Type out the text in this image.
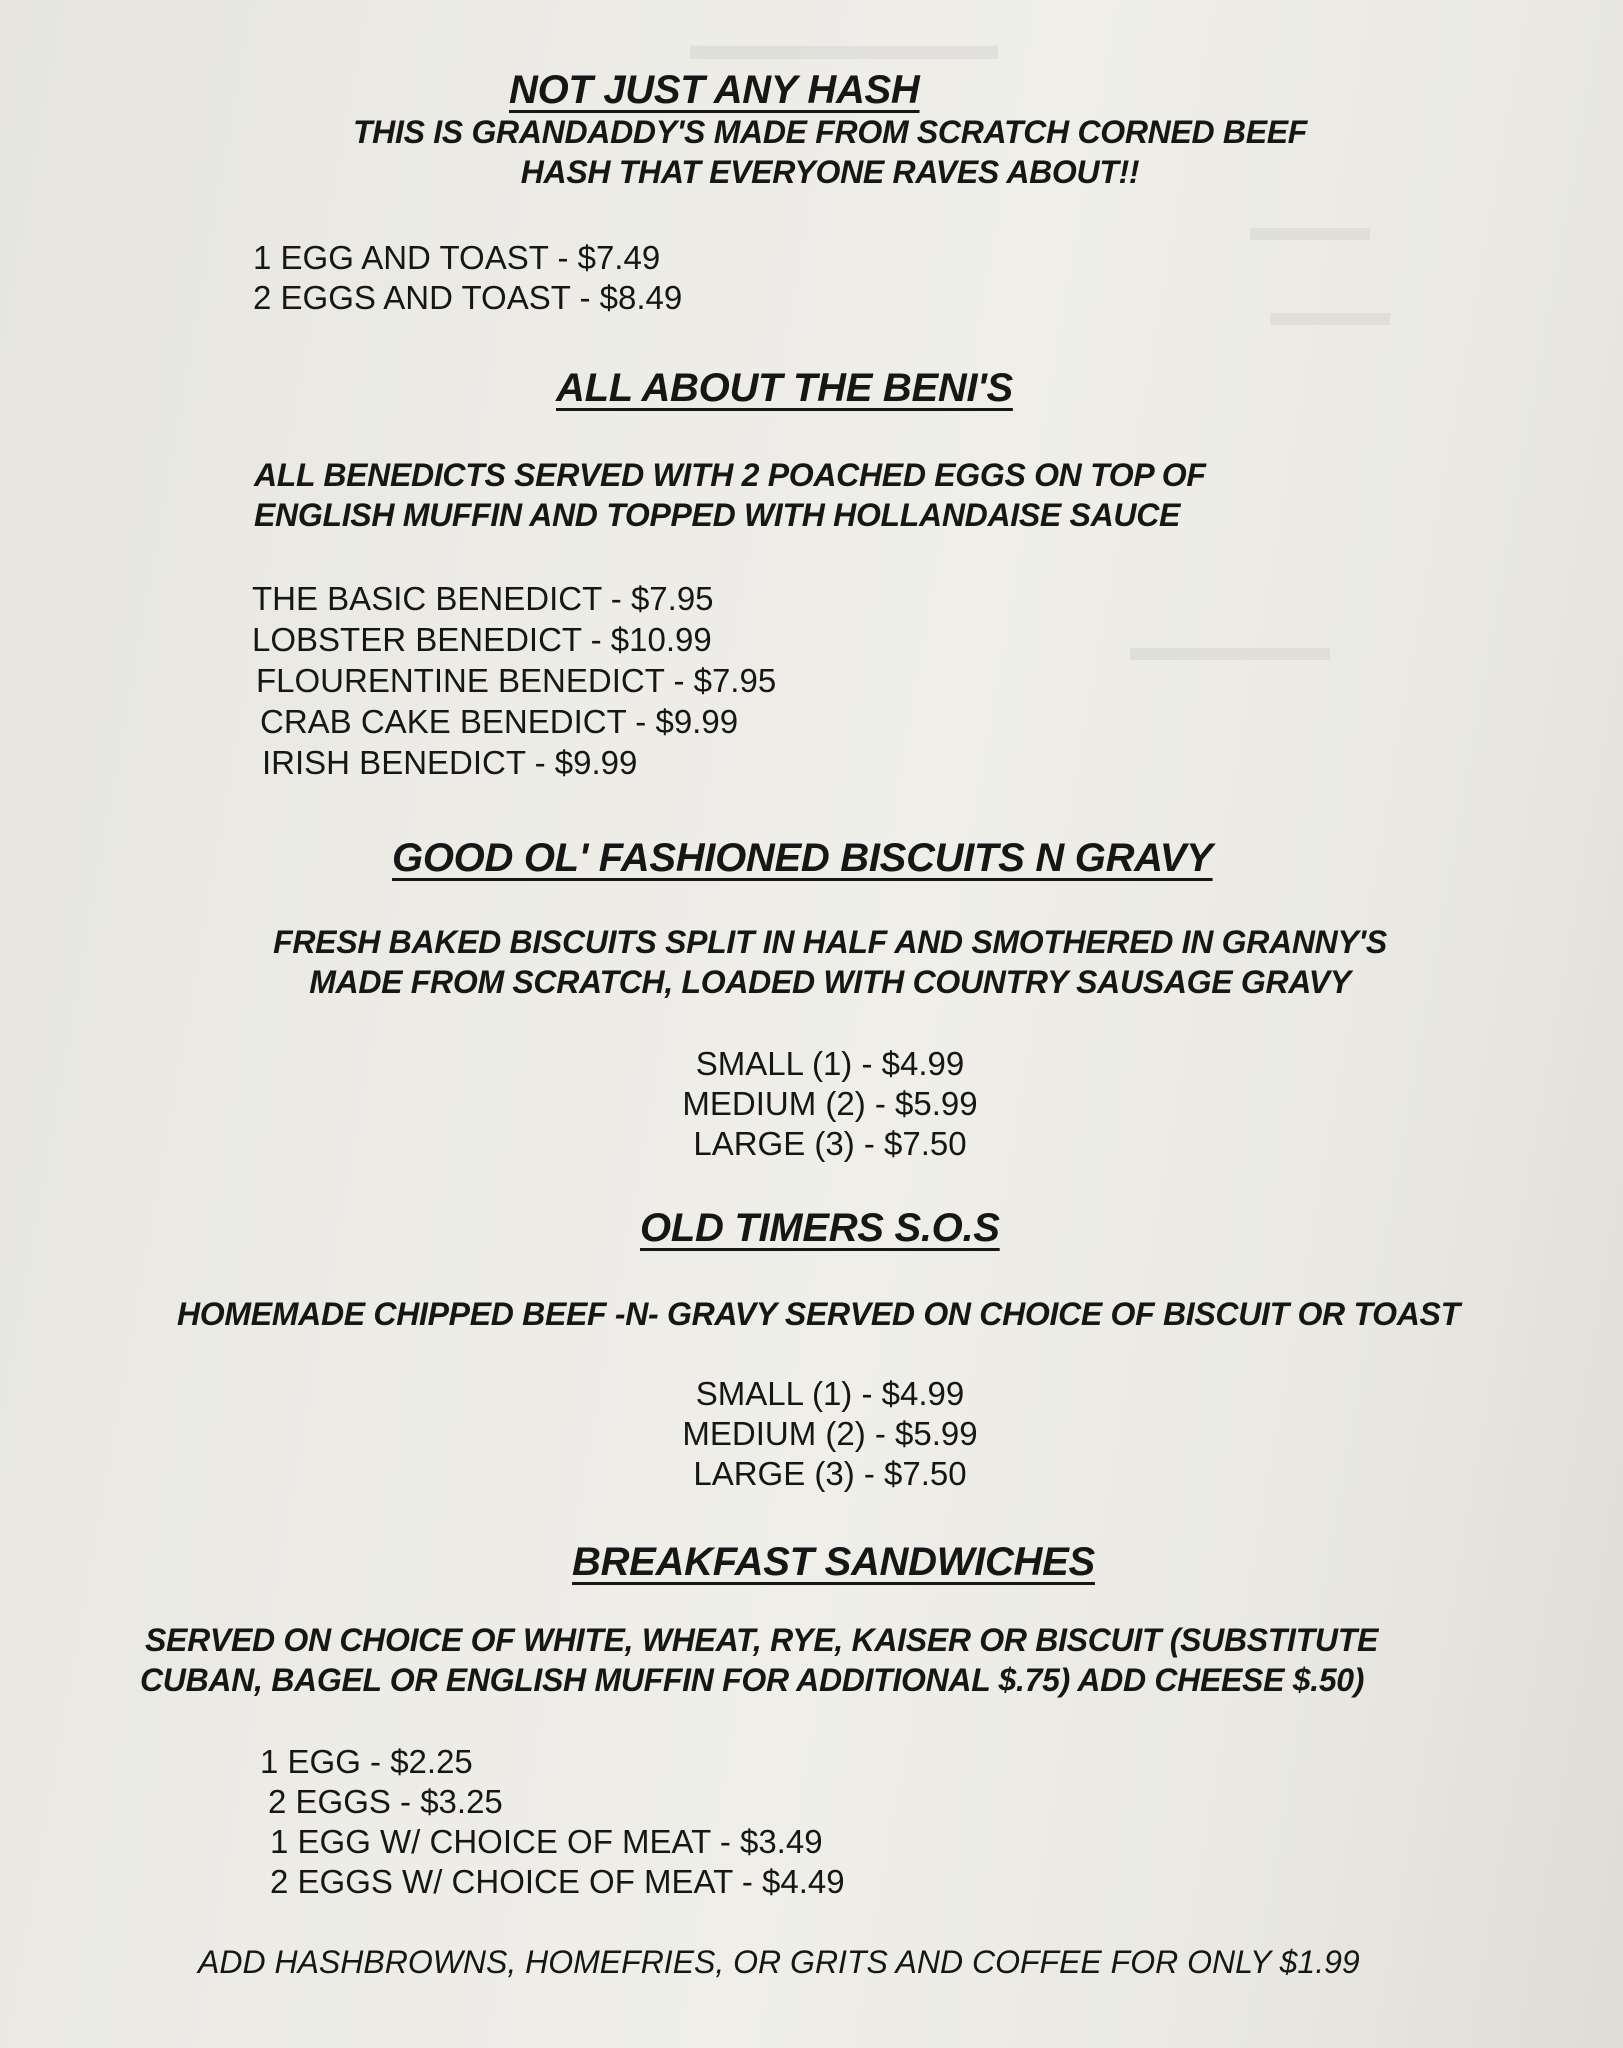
▬▬▬▬▬▬▬
▬▬▬
▬▬▬
▬▬▬▬▬
NOT JUST ANY HASH
THIS IS GRANDADDY'S MADE FROM SCRATCH CORNED BEEF
HASH THAT EVERYONE RAVES ABOUT!!
1 EGG AND TOAST - $7.49
2 EGGS AND TOAST - $8.49
ALL ABOUT THE BENI'S
ALL BENEDICTS SERVED WITH 2 POACHED EGGS ON TOP OF
ENGLISH MUFFIN AND TOPPED WITH HOLLANDAISE SAUCE
THE BASIC BENEDICT - $7.95
LOBSTER BENEDICT - $10.99
FLOURENTINE BENEDICT - $7.95
CRAB CAKE BENEDICT - $9.99
IRISH BENEDICT - $9.99
GOOD OL' FASHIONED BISCUITS N GRAVY
FRESH BAKED BISCUITS SPLIT IN HALF AND SMOTHERED IN GRANNY'S
MADE FROM SCRATCH, LOADED WITH COUNTRY SAUSAGE GRAVY
SMALL (1) - $4.99
MEDIUM (2) - $5.99
LARGE (3) - $7.50
OLD TIMERS S.O.S
HOMEMADE CHIPPED BEEF -N- GRAVY SERVED ON CHOICE OF BISCUIT OR TOAST
SMALL (1) - $4.99
MEDIUM (2) - $5.99
LARGE (3) - $7.50
BREAKFAST SANDWICHES
SERVED ON CHOICE OF WHITE, WHEAT, RYE, KAISER OR BISCUIT (SUBSTITUTE
CUBAN, BAGEL OR ENGLISH MUFFIN FOR ADDITIONAL $.75) ADD CHEESE $.50)
1 EGG - $2.25
2 EGGS - $3.25
1 EGG W/ CHOICE OF MEAT - $3.49
2 EGGS W/ CHOICE OF MEAT - $4.49
ADD HASHBROWNS, HOMEFRIES, OR GRITS AND COFFEE FOR ONLY $1.99
